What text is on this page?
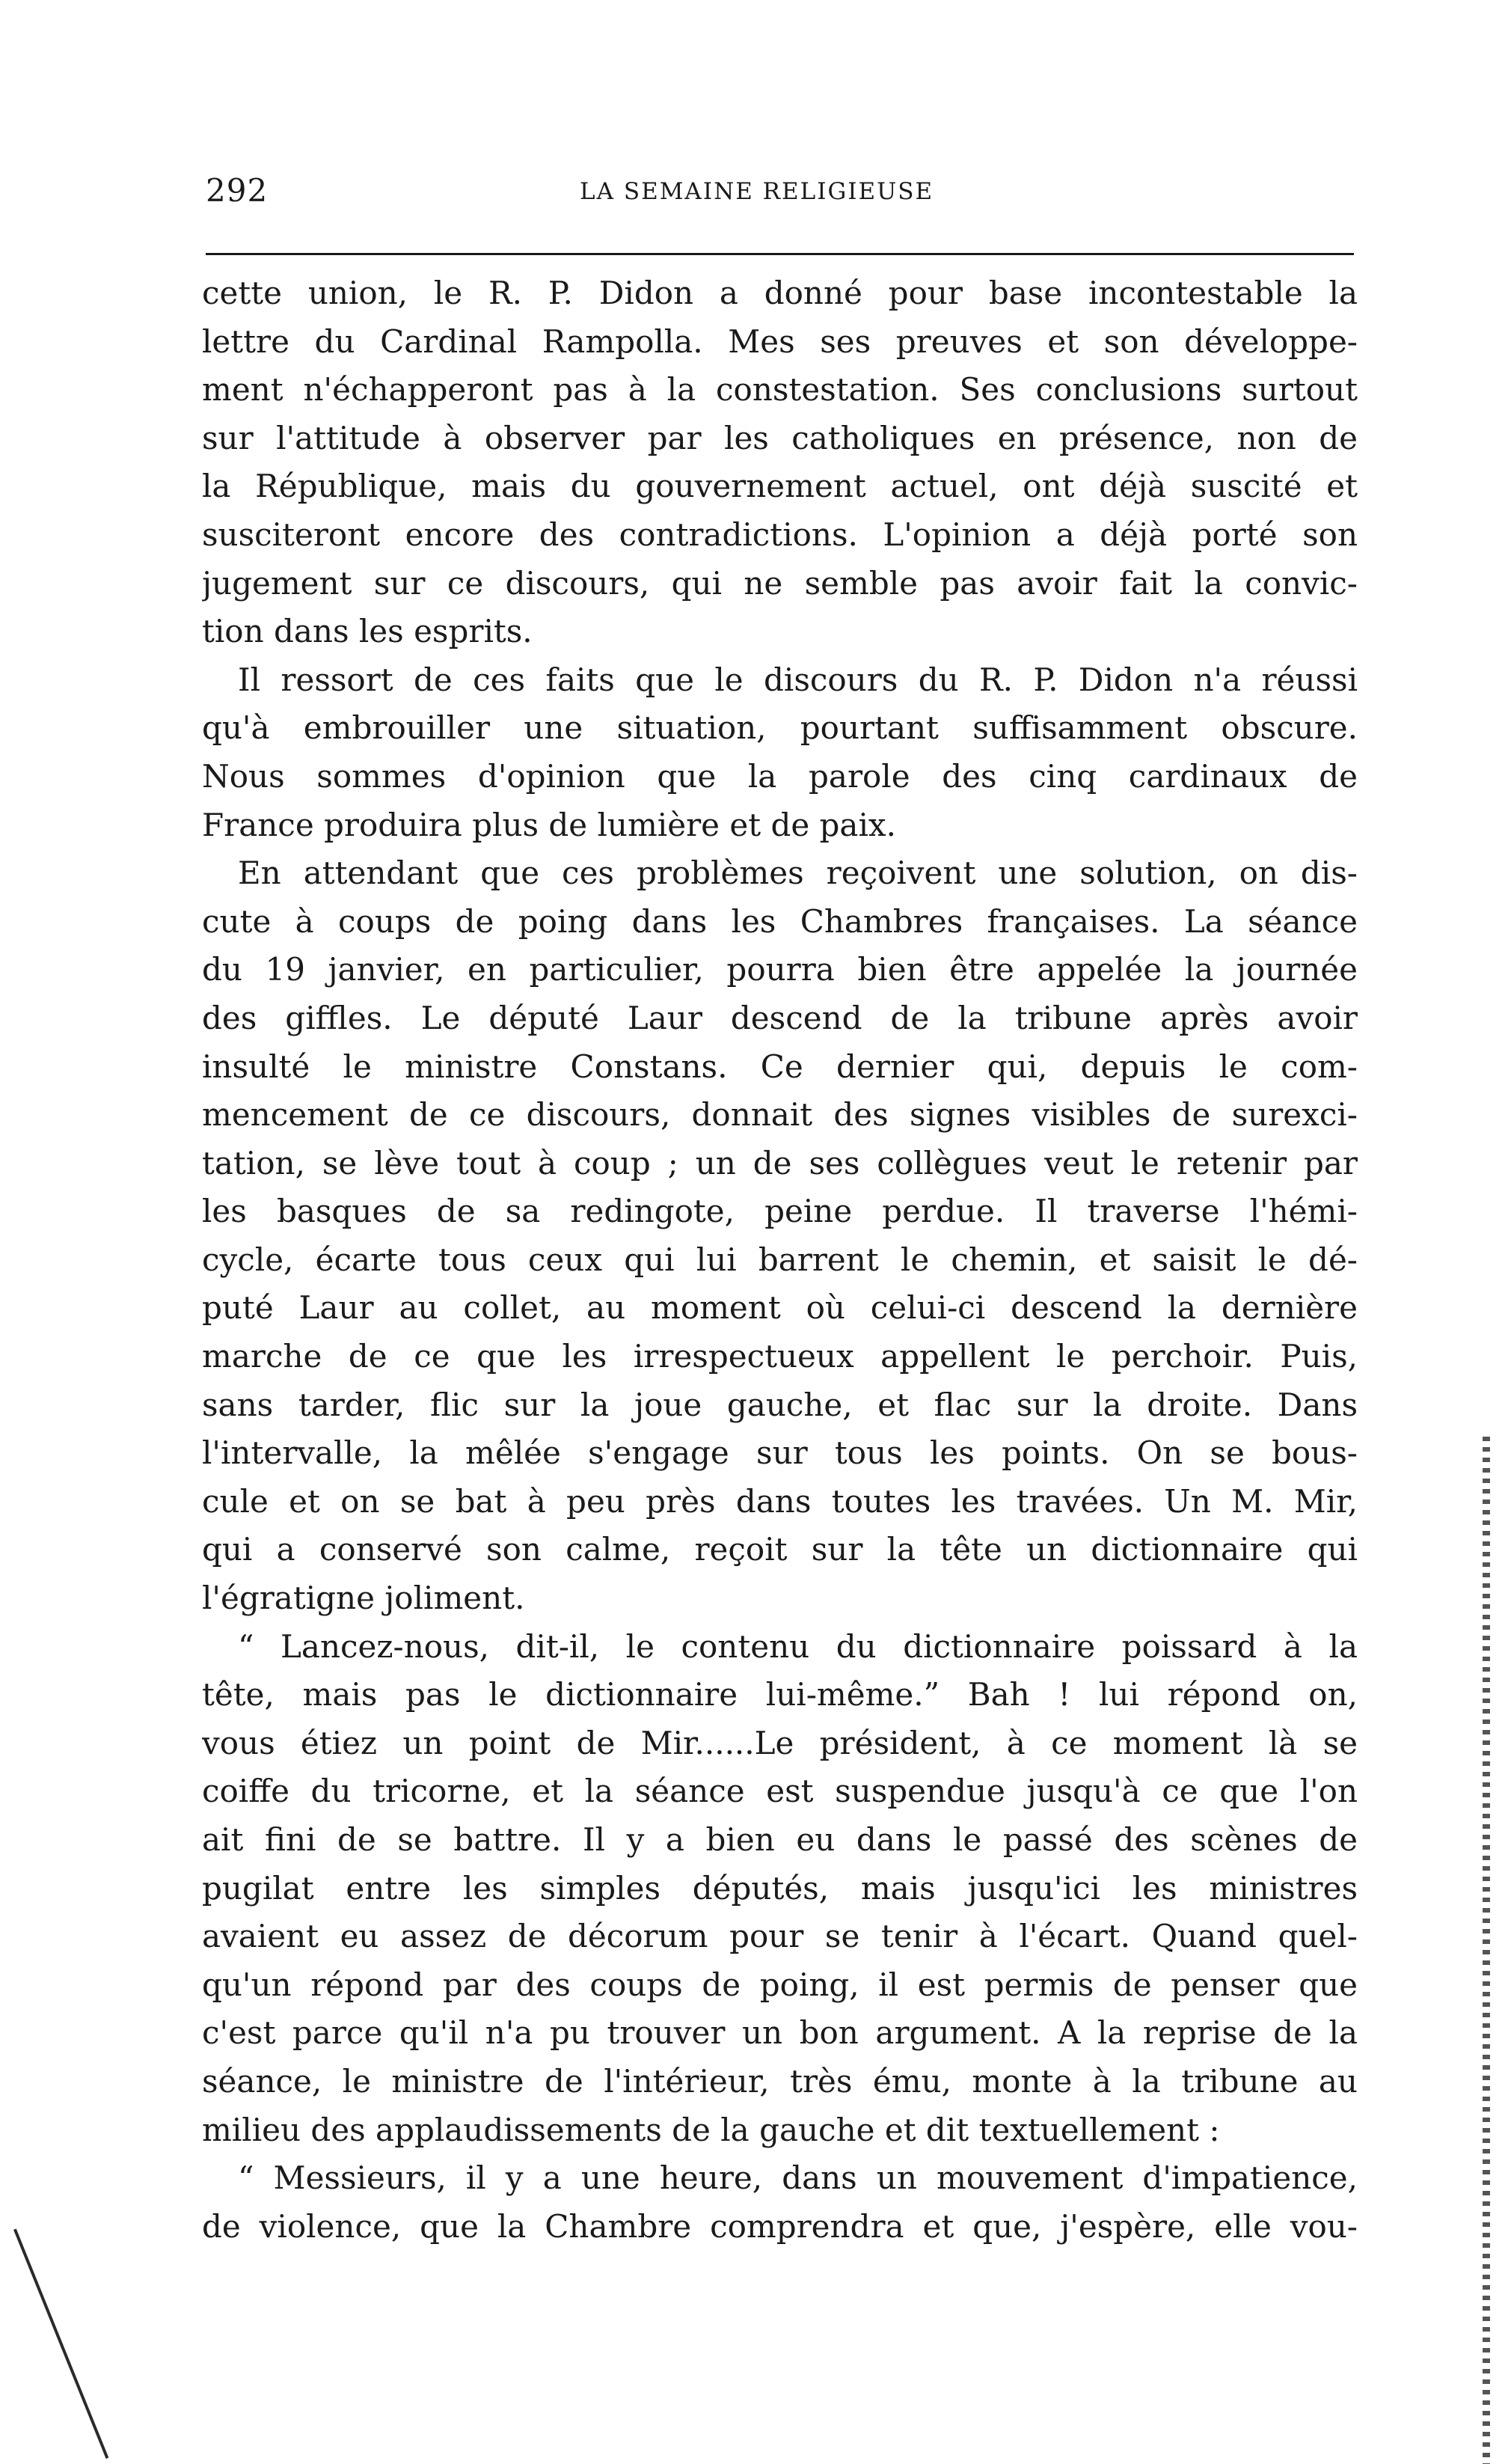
292	LA SEMAINE RELIGIEUSE
cette union, le R. P. Didon a donné pour base incontestable la
lettre du Cardinal Rampolla. Mes ses preuves et son développe-
ment n'échapperont pas à la constestation. Ses conclusions surtout
sur l'attitude à observer par les catholiques en présence, non de
la République, mais du gouvernement actuel, ont déjà suscité et
susciteront encore des contradictions. L'opinion a déjà porté son
jugement sur ce discours, qui ne semble pas avoir fait la convic-
tion dans les esprits.
Il ressort de ces faits que le discours du R. P. Didon n'a réussi
qu'à embrouiller une situation, pourtant suffisamment obscure.
Nous sommes d'opinion que la parole des cinq cardinaux de
France produira plus de lumière et de paix.
En attendant que ces problèmes reçoivent une solution, on dis-
cute à coups de poing dans les Chambres françaises. La séance
du 19 janvier, en particulier, pourra bien être appelée la journée
des giffles. Le député Laur descend de la tribune après avoir
insulté le ministre Constans. Ce dernier qui, depuis le com-
mencement de ce discours, donnait des signes visibles de surexci-
tation, se lève tout à coup ; un de ses collègues veut le retenir par
les basques de sa redingote, peine perdue. Il traverse l'hémi-
cycle, écarte tous ceux qui lui barrent le chemin, et saisit le dé-
puté Laur au collet, au moment où celui-ci descend la dernière
marche de ce que les irrespectueux appellent le perchoir. Puis,
sans tarder, flic sur la joue gauche, et flac sur la droite. Dans
l'intervalle, la mêlée s'engage sur tous les points. On se bous-
cule et on se bat à peu près dans toutes les travées. Un M. Mir,
qui a conservé son calme, reçoit sur la tête un dictionnaire qui
l'égratigne joliment.
“ Lancez-nous, dit-il, le contenu du dictionnaire poissard à la
tête, mais pas le dictionnaire lui-même.” Bah ! lui répond on,
vous étiez un point de Mir......Le président, à ce moment là se
coiffe du tricorne, et la séance est suspendue jusqu'à ce que l'on
ait fini de se battre. Il y a bien eu dans le passé des scènes de
pugilat entre les simples députés, mais jusqu'ici les ministres
avaient eu assez de décorum pour se tenir à l'écart. Quand quel-
qu'un répond par des coups de poing, il est permis de penser que
c'est parce qu'il n'a pu trouver un bon argument. A la reprise de la
séance, le ministre de l'intérieur, très ému, monte à la tribune au
milieu des applaudissements de la gauche et dit textuellement :
“ Messieurs, il y a une heure, dans un mouvement d'impatience,
de violence, que la Chambre comprendra et que, j'espère, elle vou-
